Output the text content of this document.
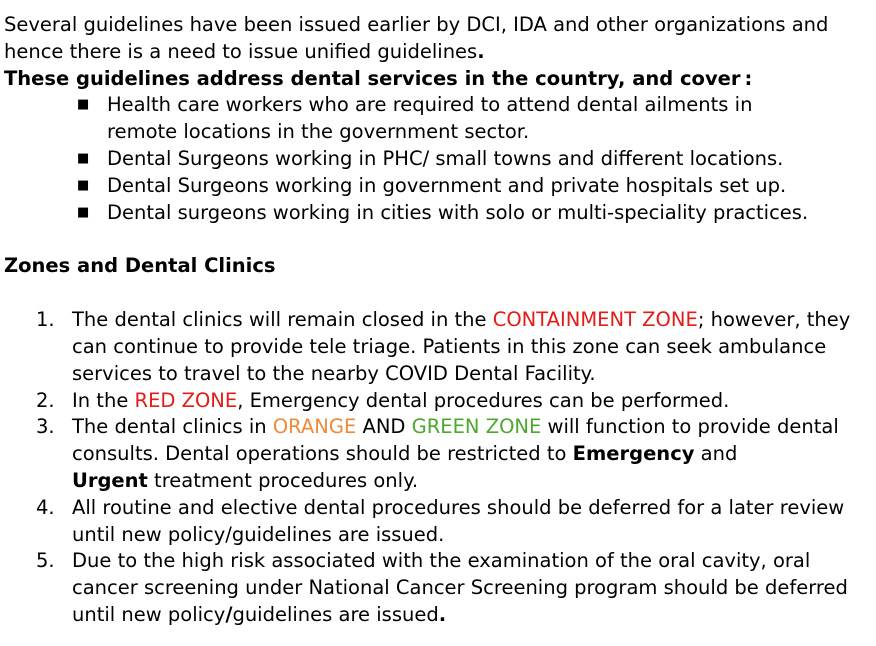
Several guidelines have been issued earlier by DCI, IDA and other organizations and hence there is a need to issue unified guidelines.

These guidelines address dental services in the country, and cover :

■ Health care workers who are required to attend dental ailments in remote locations in the government sector.
■ Dental Surgeons working in PHC/ small towns and different locations.
■ Dental Surgeons working in government and private hospitals set up.
■ Dental surgeons working in cities with solo or multi-speciality practices.

Zones and Dental Clinics

1. The dental clinics will remain closed in the CONTAINMENT ZONE; however, they can continue to provide tele triage. Patients in this zone can seek ambulance services to travel to the nearby COVID Dental Facility.
2. In the RED ZONE, Emergency dental procedures can be performed.
3. The dental clinics in ORANGE AND GREEN ZONE will function to provide dental consults. Dental operations should be restricted to Emergency and
Urgent treatment procedures only.
4. All routine and elective dental procedures should be deferred for a later review until new policy/guidelines are issued.
5. Due to the high risk associated with the examination of the oral cavity, oral cancer screening under National Cancer Screening program should be deferred until new policy/guidelines are issued.
